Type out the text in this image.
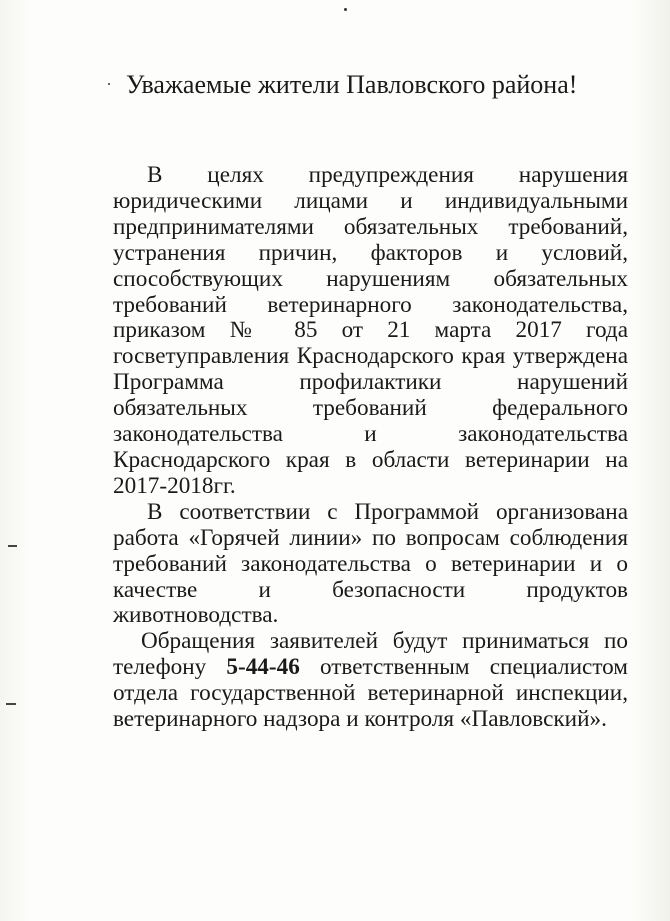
Уважаемые жители Павловского района!

В целях предупреждения нарушения юридическими лицами и индивидуальными предпринимателями обязательных требований, устранения причин, факторов и условий, способствующих нарушениям обязательных требований ветеринарного законодательства, приказом № 85 от 21 марта 2017 года госветуправления Краснодарского края утверждена Программа профилактики нарушений обязательных требований федерального законодательства и законодательства Краснодарского края в области ветеринарии на 2017-2018гг.

В соответствии с Программой организована работа «Горячей линии» по вопросам соблюдения требований законодательства о ветеринарии и о качестве и безопасности продуктов животноводства.

Обращения заявителей будут приниматься по телефону 5-44-46 ответственным специалистом отдела государственной ветеринарной инспекции, ветеринарного надзора и контроля «Павловский».
